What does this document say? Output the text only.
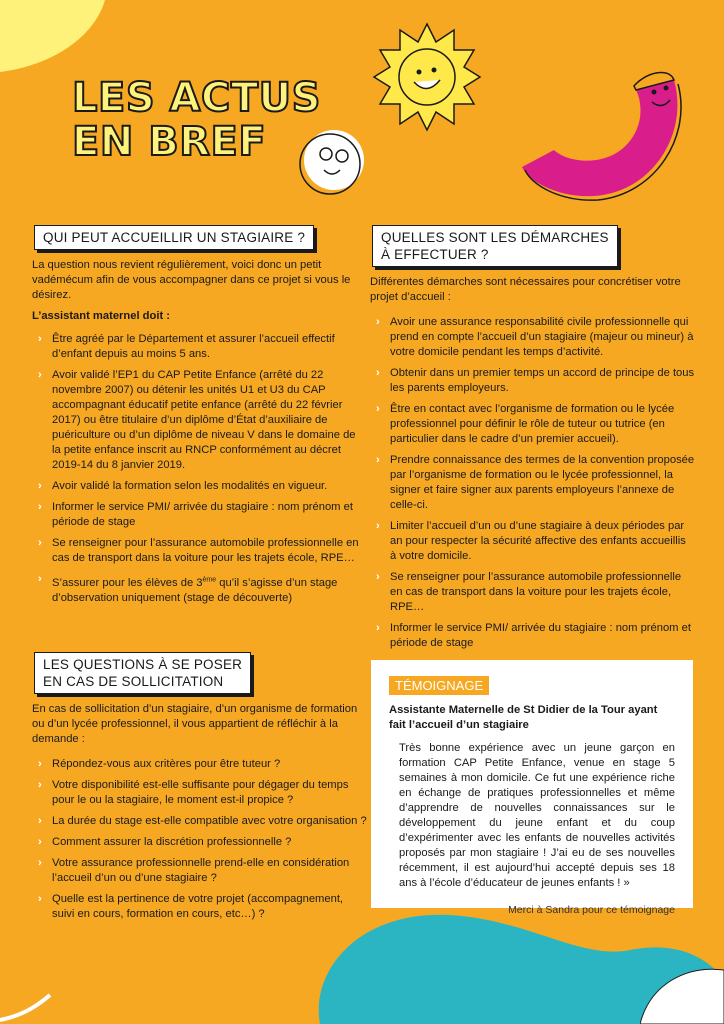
LES ACTUS
EN BREF
QUI PEUT ACCUEILLIR UN STAGIAIRE ?

La question nous revient régulièrement, voici donc un petit vadémécum afin de vous accompagner dans ce projet si vous le désirez.

L’assistant maternel doit :

› Être agréé par le Département et assurer l’accueil effectif d’enfant depuis au moins 5 ans.
› Avoir validé l’EP1 du CAP Petite Enfance (arrêté du 22 novembre 2007) ou détenir les unités U1 et U3 du CAP accompagnant éducatif petite enfance (arrêté du 22 février 2017) ou être titulaire d’un diplôme d’État d’auxiliaire de puériculture ou d’un diplôme de niveau V dans le domaine de la petite enfance inscrit au RNCP conformément au décret 2019-14 du 8 janvier 2019.
› Avoir validé la formation selon les modalités en vigueur.
› Informer le service PMI/ arrivée du stagiaire : nom prénom et période de stage
› Se renseigner pour l’assurance automobile professionnelle en cas de transport dans la voiture pour les trajets école, RPE…
› S’assurer pour les élèves de 3ème qu’il s’agisse d’un stage d’observation uniquement (stage de découverte)
QUELLES SONT LES DÉMARCHES
À EFFECTUER ?

Différentes démarches sont nécessaires pour concrétiser votre projet d’accueil :

› Avoir une assurance responsabilité civile professionnelle qui prend en compte l’accueil d’un stagiaire (majeur ou mineur) à votre domicile pendant les temps d’activité.
› Obtenir dans un premier temps un accord de principe de tous les parents employeurs.
› Être en contact avec l’organisme de formation ou le lycée professionnel pour définir le rôle de tuteur ou tutrice (en particulier dans le cadre d’un premier accueil).
› Prendre connaissance des termes de la convention proposée par l’organisme de formation ou le lycée professionnel, la signer et faire signer aux parents employeurs l’annexe de celle-ci.
› Limiter l’accueil d’un ou d’une stagiaire à deux périodes par an pour respecter la sécurité affective des enfants accueillis à votre domicile.
› Se renseigner pour l’assurance automobile professionnelle en cas de transport dans la voiture pour les trajets école, RPE…
› Informer le service PMI/ arrivée du stagiaire : nom prénom et période de stage
LES QUESTIONS À SE POSER
EN CAS DE SOLLICITATION

En cas de sollicitation d’un stagiaire, d’un organisme de formation ou d’un lycée professionnel, il vous appartient de réfléchir à la demande :

› Répondez-vous aux critères pour être tuteur ?
› Votre disponibilité est-elle suffisante pour dégager du temps pour le ou la stagiaire, le moment est-il propice ?
› La durée du stage est-elle compatible avec votre organisation ?
› Comment assurer la discrétion professionnelle ?
› Votre assurance professionnelle prend-elle en considération l’accueil d’un ou d’une stagiaire ?
› Quelle est la pertinence de votre projet (accompagnement, suivi en cours, formation en cours, etc…) ?
TÉMOIGNAGE

Assistante Maternelle de St Didier de la Tour ayant fait l’accueil d’un stagiaire

Très bonne expérience avec un jeune garçon en formation CAP Petite Enfance, venue en stage 5 semaines à mon domicile. Ce fut une expérience riche en échange de pratiques professionnelles et même d’apprendre de nouvelles connaissances sur le développement du jeune enfant et du coup d’expérimenter avec les enfants de nouvelles activités proposés par mon stagiaire ! J’ai eu de ses nouvelles récemment, il est aujourd’hui accepté depuis ses 18 ans à l’école d’éducateur de jeunes enfants ! »

Merci à Sandra pour ce témoignage
